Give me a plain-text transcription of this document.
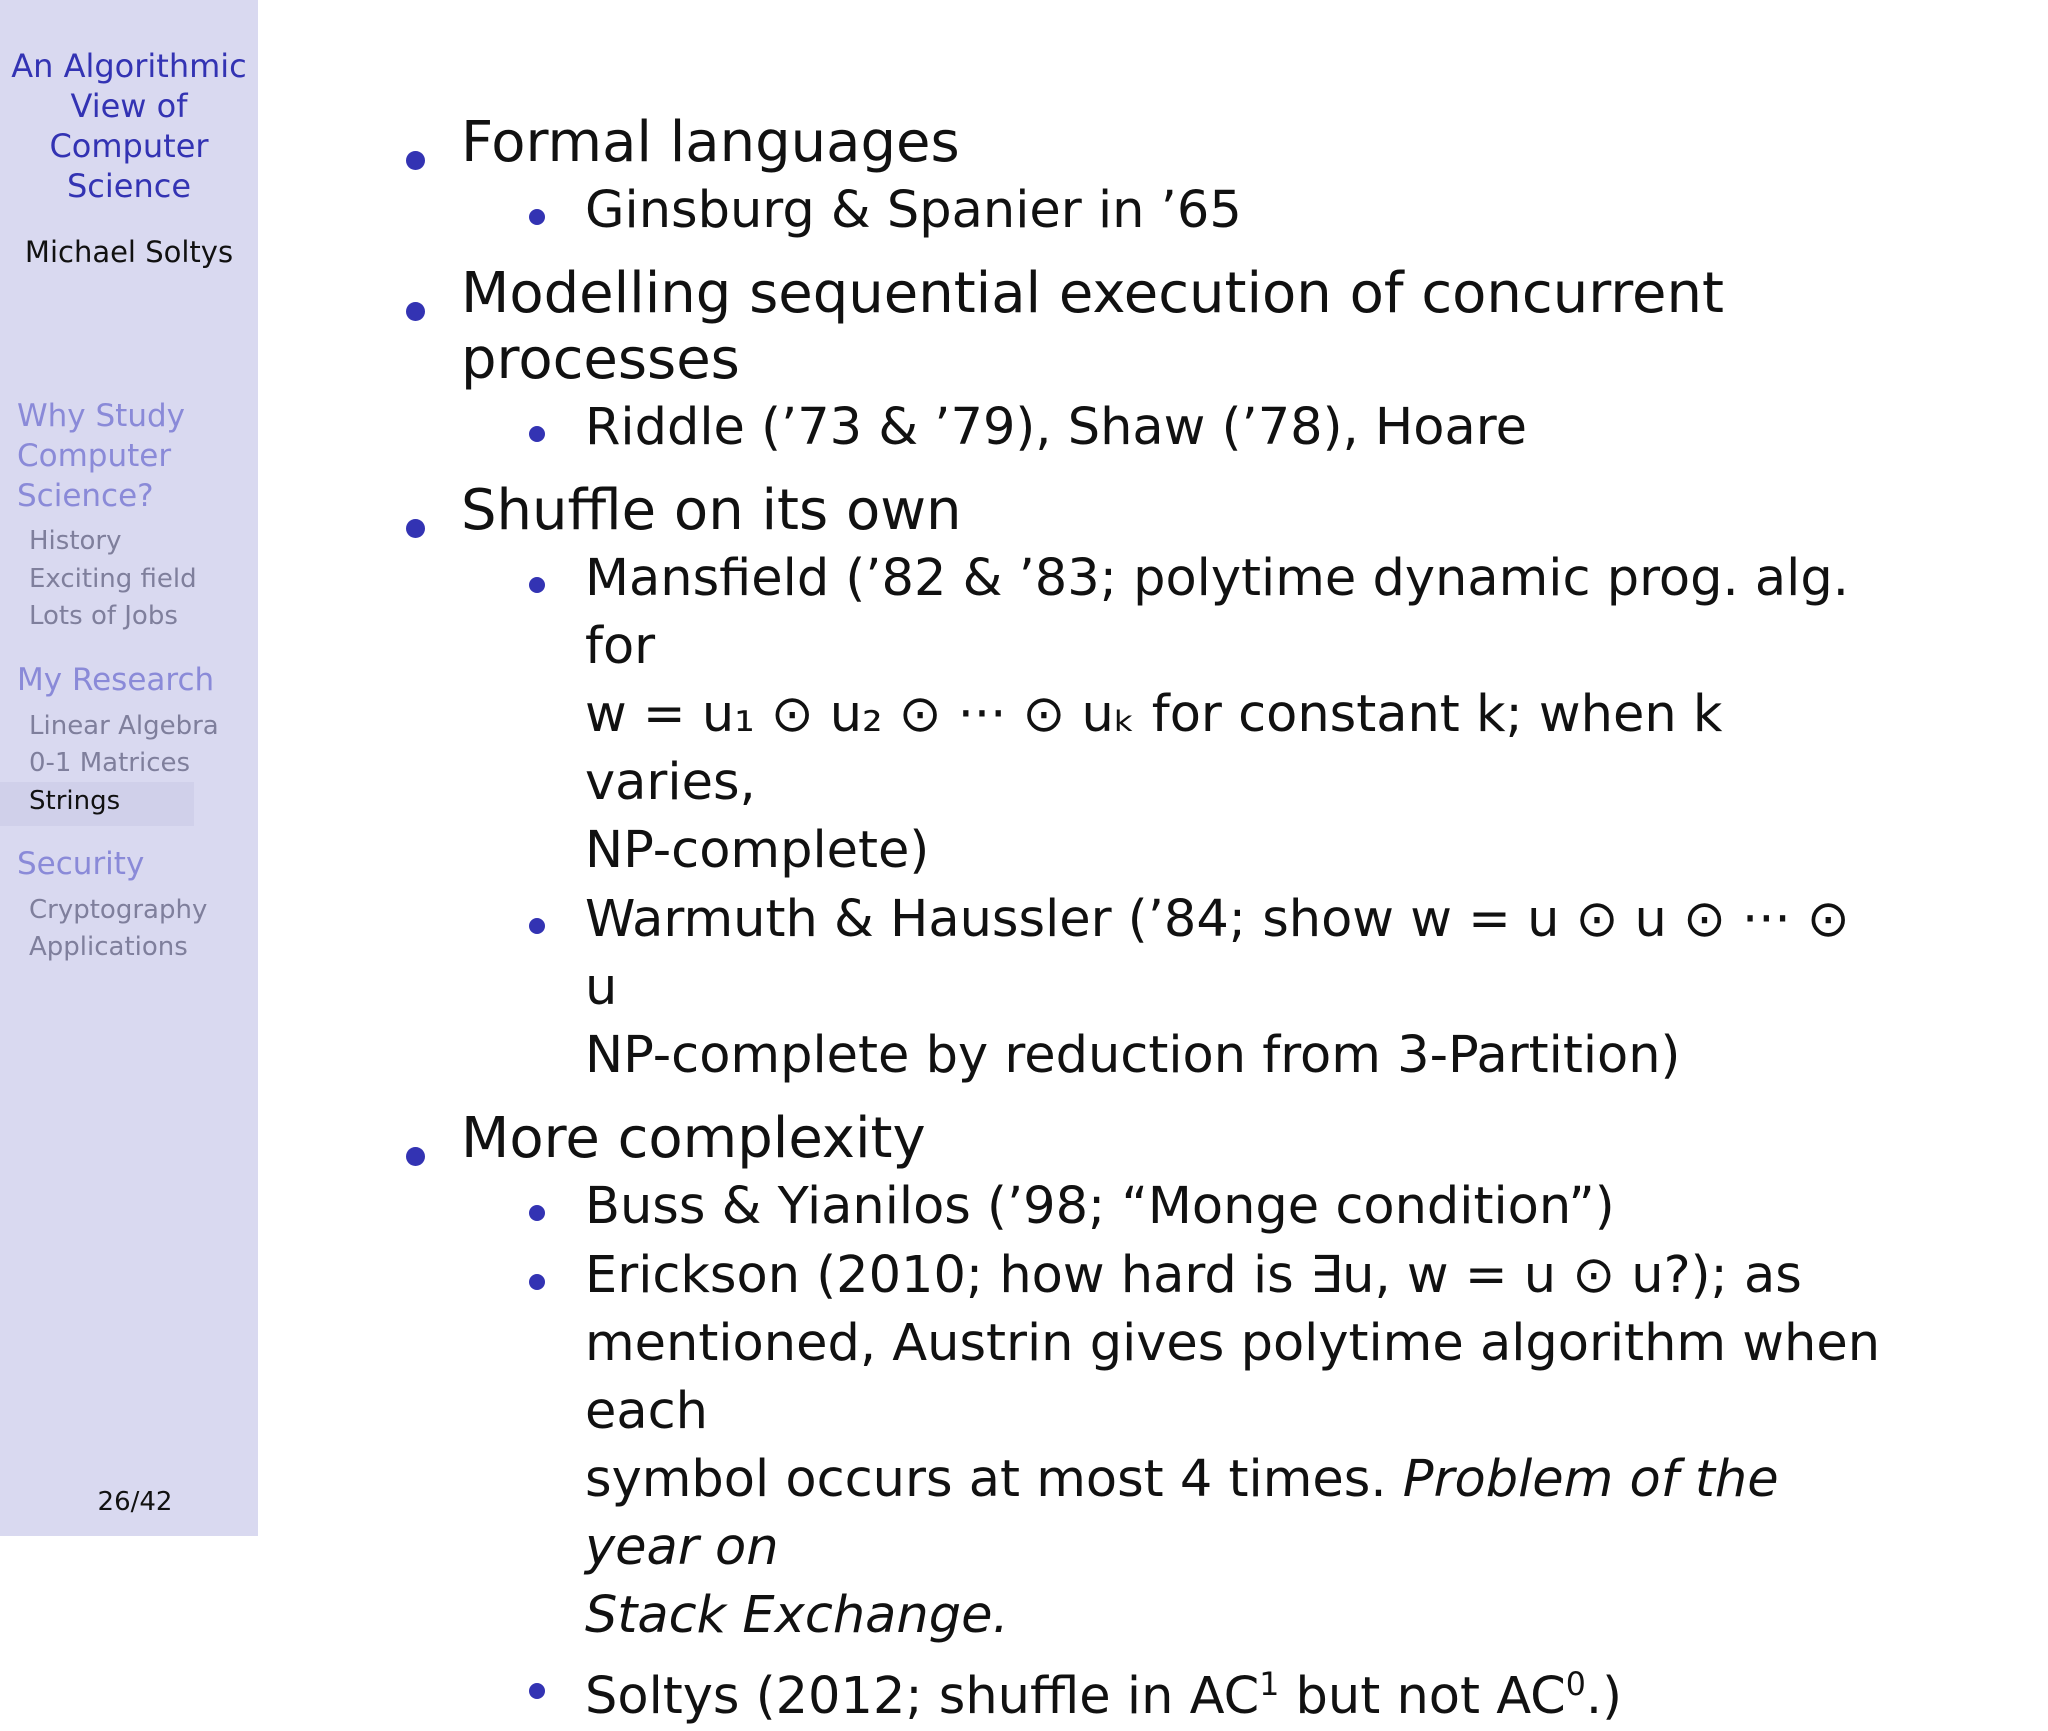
An Algorithmic View of Computer Science
Michael Soltys
Why Study Computer Science?
History
Exciting field
Lots of Jobs
My Research
Linear Algebra
0-1 Matrices
Strings
Security
Cryptography
Applications
26/42
Formal languages
Ginsburg & Spanier in ’65
Modelling sequential execution of concurrent processes
Riddle (’73 & ’79), Shaw (’78), Hoare
Shuffle on its own
Mansfield (’82 & ’83; polytime dynamic prog. alg. for
w = u₁ ⊙ u₂ ⊙ ··· ⊙ uₖ for constant k; when k varies,
NP-complete)
Warmuth & Haussler (’84; show w = u ⊙ u ⊙ ··· ⊙ u
NP-complete by reduction from 3-Partition)
More complexity
Buss & Yianilos (’98; “Monge condition”)
Erickson (2010; how hard is ∃u, w = u ⊙ u?); as
mentioned, Austrin gives polytime algorithm when each
symbol occurs at most 4 times. Problem of the year on
Stack Exchange.
Soltys (2012; shuffle in $AC^1$ but not $AC^0$.)
